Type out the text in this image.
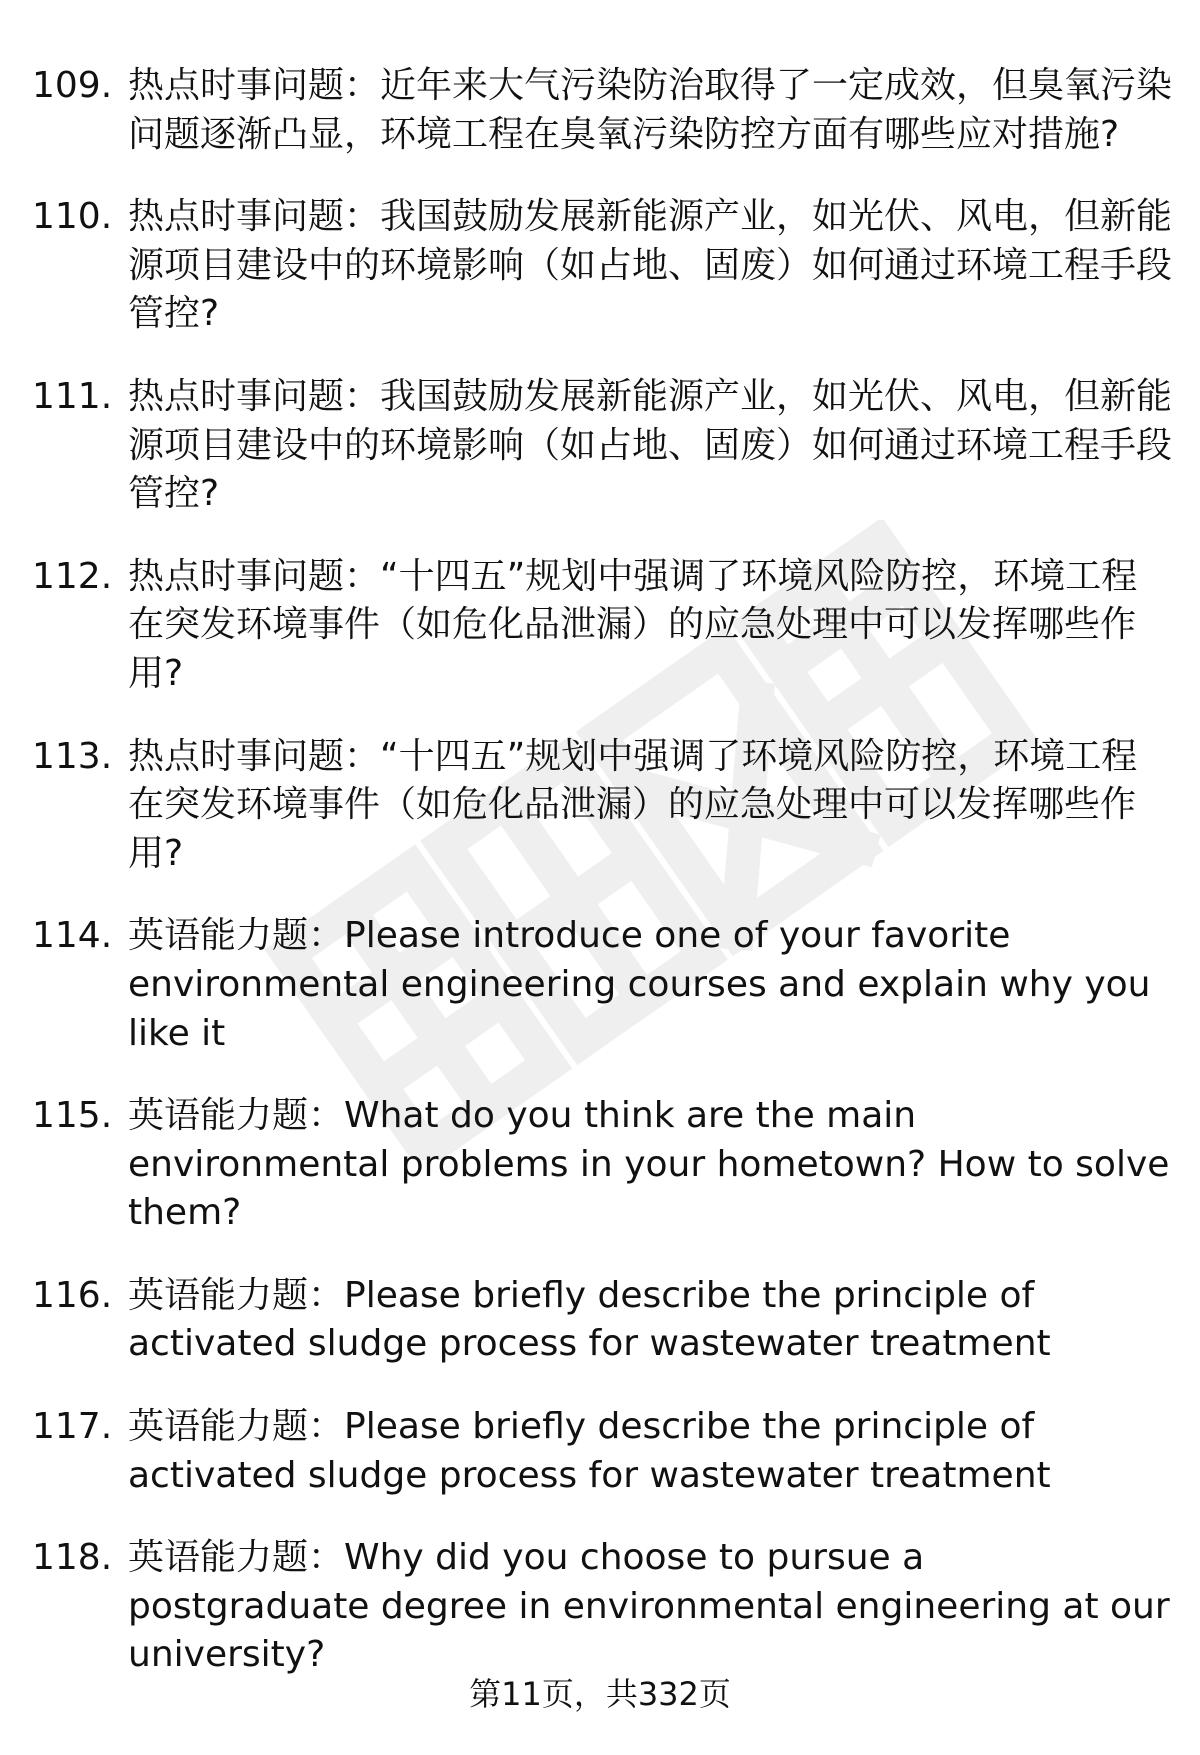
109. 热点时事问题：近年来大气污染防治取得了一定成效，但臭氧污染问题逐渐凸显，环境工程在臭氧污染防控方面有哪些应对措施?
110. 热点时事问题：我国鼓励发展新能源产业，如光伏、风电，但新能源项目建设中的环境影响（如占地、固废）如何通过环境工程手段管控?
111. 热点时事问题：我国鼓励发展新能源产业，如光伏、风电，但新能源项目建设中的环境影响（如占地、固废）如何通过环境工程手段管控?
112. 热点时事问题：“十四五”规划中强调了环境风险防控，环境工程在突发环境事件（如危化品泄漏）的应急处理中可以发挥哪些作用?
113. 热点时事问题：“十四五”规划中强调了环境风险防控，环境工程在突发环境事件（如危化品泄漏）的应急处理中可以发挥哪些作用?
114. 英语能力题：Please introduce one of your favorite environmental engineering courses and explain why you like it
115. 英语能力题：What do you think are the main environmental problems in your hometown? How to solve them?
116. 英语能力题：Please briefly describe the principle of activated sludge process for wastewater treatment
117. 英语能力题：Please briefly describe the principle of activated sludge process for wastewater treatment
118. 英语能力题：Why did you choose to pursue a postgraduate degree in environmental engineering at our university?
第11页，共332页
